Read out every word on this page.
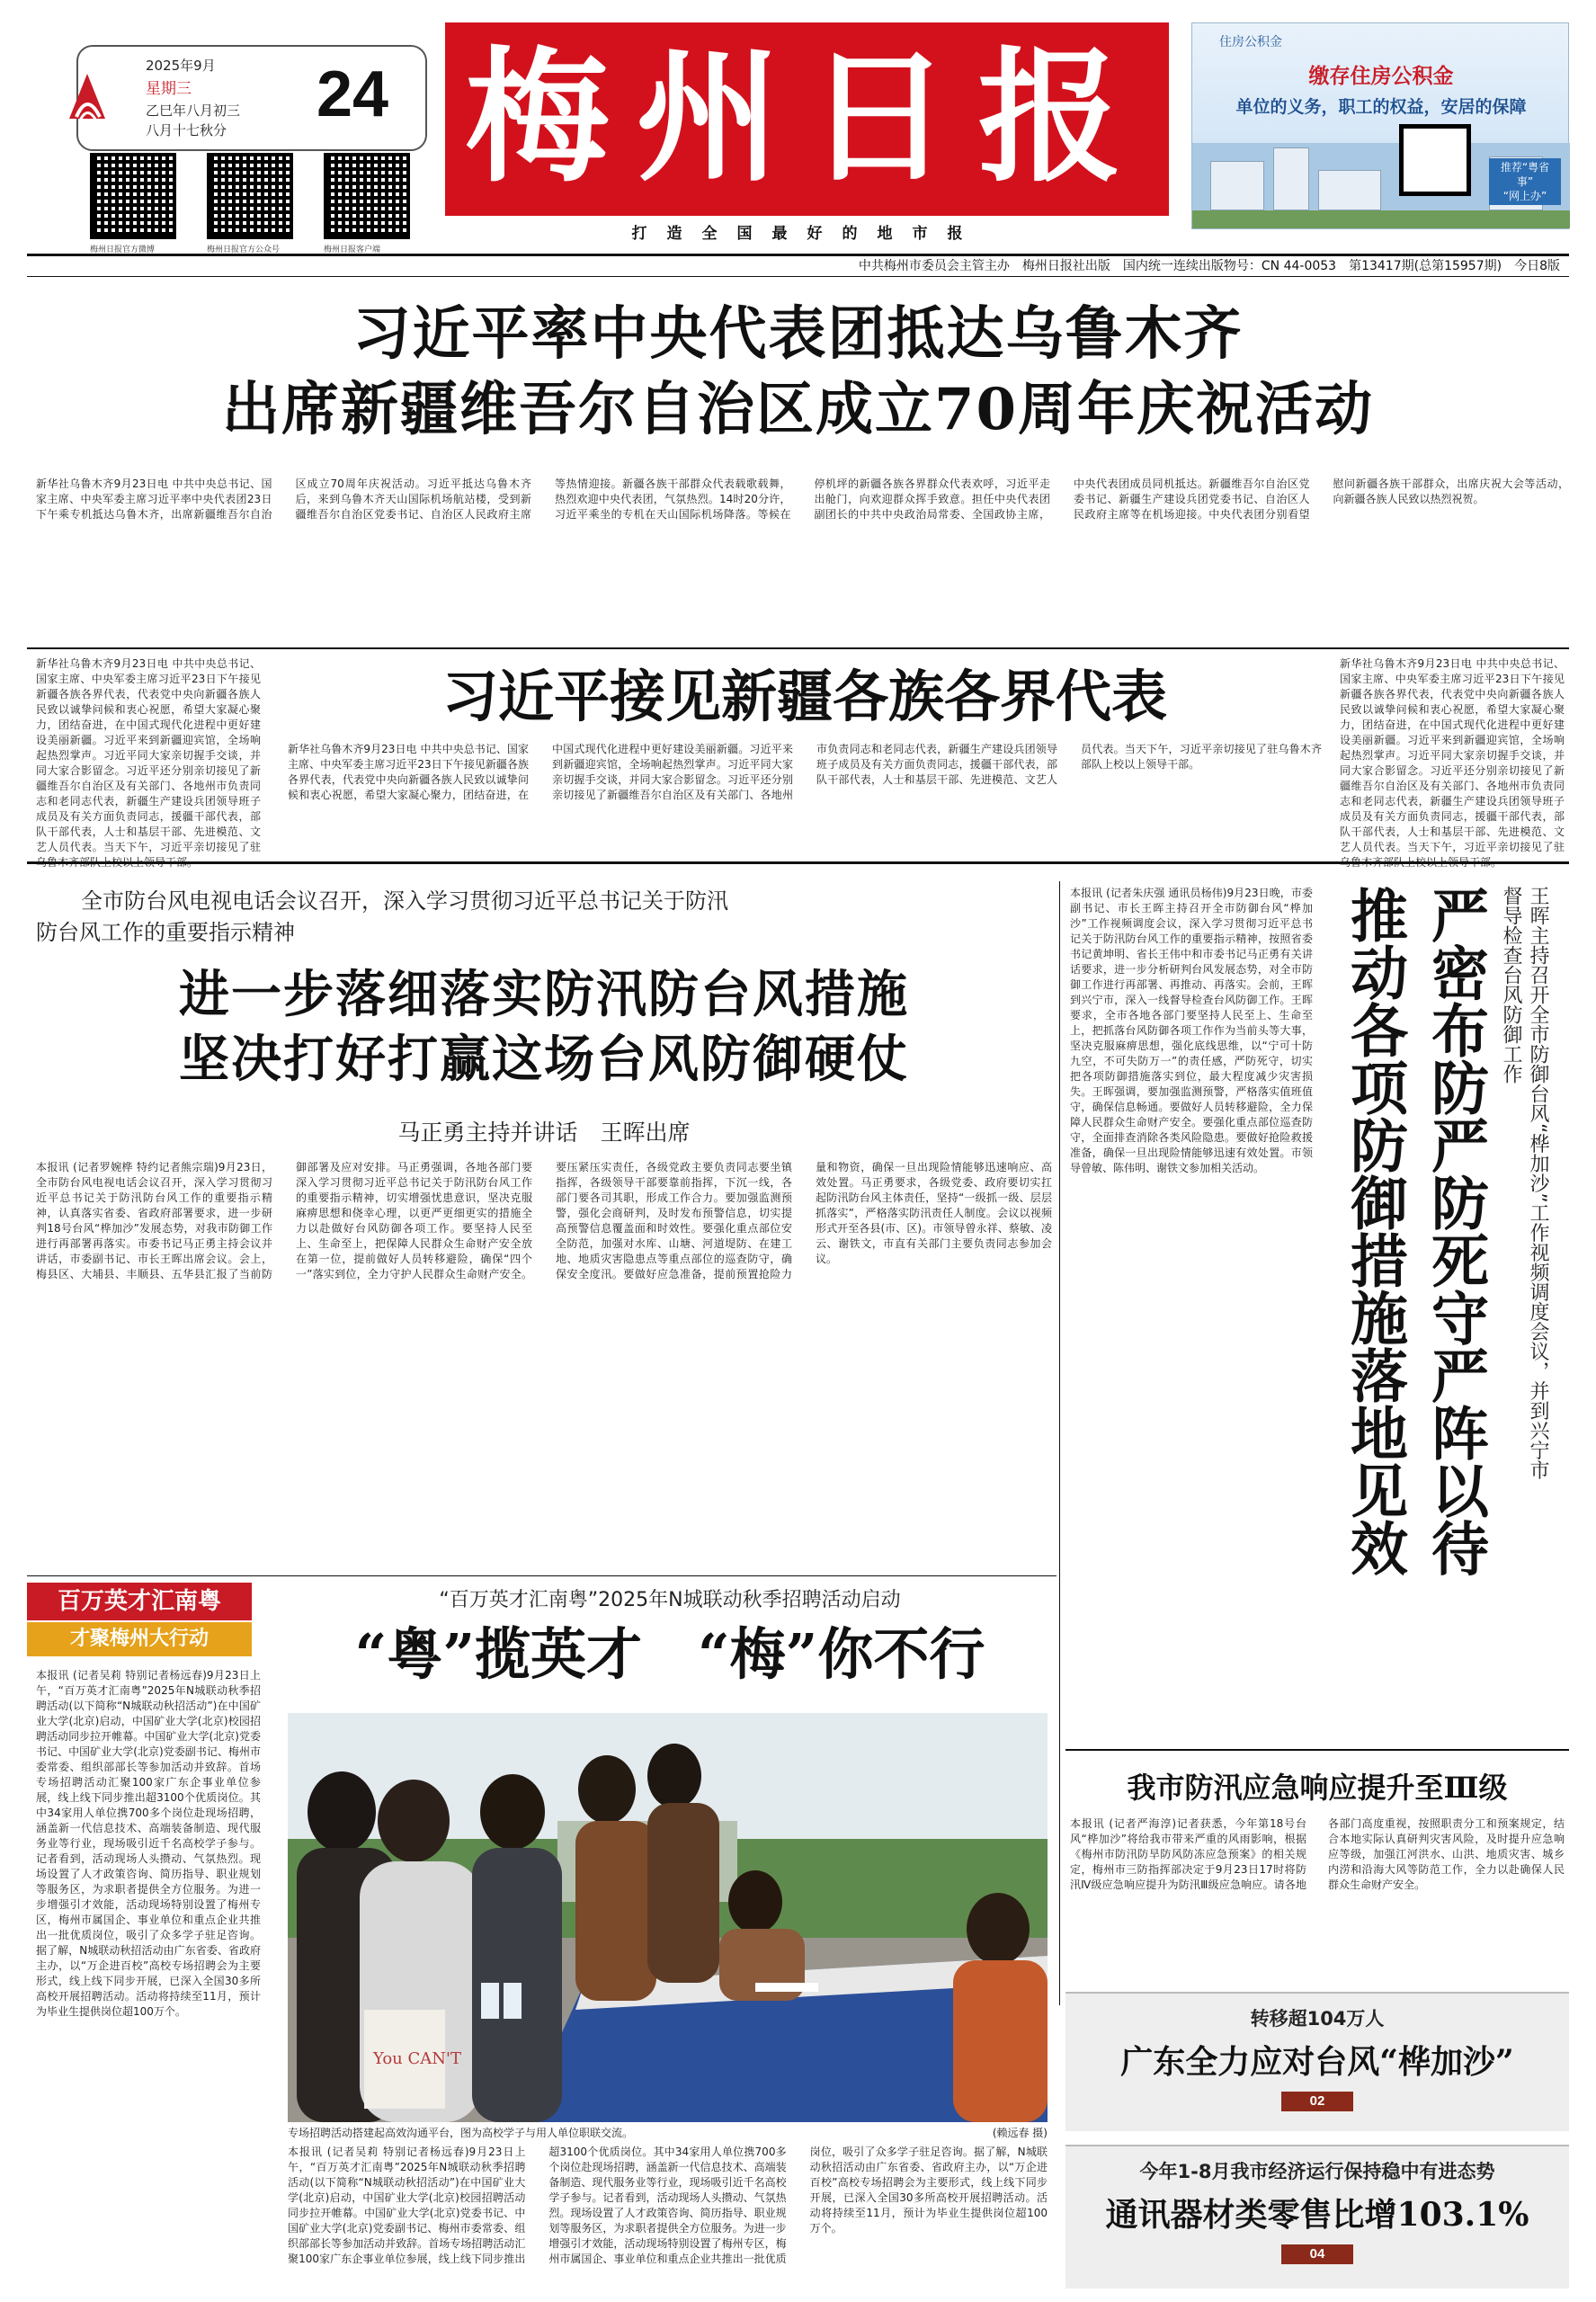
2025年9月
星期三
乙巳年八月初三
八月十七秋分 24
梅州日报官方微博	梅州日报官方公众号	梅州日报客户端
梅州日报
打造全国最好的地市报
住房公积金
缴存住房公积金
单位的义务，职工的权益，安居的保障
推荐“粤省事”
“网上办”
中共梅州市委员会主管主办　梅州日报社出版　国内统一连续出版物号：CN 44-0053　第13417期(总第15957期)　今日8版
习近平率中央代表团抵达乌鲁木齐
出席新疆维吾尔自治区成立70周年庆祝活动
新华社乌鲁木齐9月23日电 中共中央总书记、国家主席、中央军委主席习近平率中央代表团23日下午乘专机抵达乌鲁木齐，出席新疆维吾尔自治区成立70周年庆祝活动。习近平抵达乌鲁木齐后，来到乌鲁木齐天山国际机场航站楼，受到新疆维吾尔自治区党委书记、自治区人民政府主席等热情迎接。新疆各族干部群众代表载歌载舞，热烈欢迎中央代表团，气氛热烈。14时20分许，习近平乘坐的专机在天山国际机场降落。等候在停机坪的新疆各族各界群众代表欢呼，习近平走出舱门，向欢迎群众挥手致意。担任中央代表团副团长的中共中央政治局常委、全国政协主席，中央代表团成员同机抵达。新疆维吾尔自治区党委书记、新疆生产建设兵团党委书记、自治区人民政府主席等在机场迎接。中央代表团分别看望慰问新疆各族干部群众，出席庆祝大会等活动，向新疆各族人民致以热烈祝贺。
习近平接见新疆各族各界代表
新华社乌鲁木齐9月23日电 中共中央总书记、国家主席、中央军委主席习近平23日下午接见新疆各族各界代表，代表党中央向新疆各族人民致以诚挚问候和衷心祝愿，希望大家凝心聚力，团结奋进，在中国式现代化进程中更好建设美丽新疆。习近平来到新疆迎宾馆，全场响起热烈掌声。习近平同大家亲切握手交谈，并同大家合影留念。习近平还分别亲切接见了新疆维吾尔自治区及有关部门、各地州市负责同志和老同志代表，新疆生产建设兵团领导班子成员及有关方面负责同志，援疆干部代表，部队干部代表，人士和基层干部、先进模范、文艺人员代表。当天下午，习近平亲切接见了驻
新华社乌鲁木齐9月23日电 中共中央总书记、国家主席、中央军委主席习近平23日下午接见新疆各族各界代表，代表党中央向新疆各族人民致以诚挚问候和衷心祝愿，希望大家凝心聚力，团结奋进，在中国式现代化进程中更好建设美丽新疆。习近平来到新疆迎宾馆，全场响起热烈掌声。习近平同大家亲切握手交谈，并同大家合影留念。习近平还分别亲切接见了新疆维吾尔自治区及有关部门、各地州市负责同志和老同志代表，新疆生产建设兵团领导班子成员及有关方面负责同志，援疆干部代表，部队干部代表，人士和基层干部、先进模范、文艺人员代表。当天下午，习近平亲切接见了驻乌鲁木齐部队上校以上领导干部。
新华社乌鲁木齐9月23日电 中共中央总书记、国家主席、中央军委主席习近平23日下午接见新疆各族各界代表，代表党中央向新疆各族人民致以诚挚问候和衷心祝愿，希望大家凝心聚力，团结奋进，在中国式现代化进程中更好建设美丽新疆。习近平来到新疆迎宾馆，全场响起热烈掌声。习近平同大家亲切握手交谈，并同大家合影留念。习近平还分别亲切接见了新疆维吾尔自治区及有关部门、各地州市负责同志和老同志代表，新疆生产建设兵团领导班子成员及有关方面负责同志，援疆干部代表，部队干部代表，人士和基层干部、先进模范、文艺人员代表。当天下午，习近平亲切接见了驻
全市防台风电视电话会议召开，深入学习贯彻习近平总书记关于防汛
防台风工作的重要指示精神
进一步落细落实防汛防台风措施
坚决打好打赢这场台风防御硬仗
马正勇主持并讲话　王晖出席
本报讯 (记者罗婉桦 特约记者熊宗瑞)9月23日，全市防台风电视电话会议召开，深入学习贯彻习近平总书记关于防汛防台风工作的重要指示精神，认真落实省委、省政府部署要求，进一步研判18号台风“桦加沙”发展态势，对我市防御工作进行再部署再落实。市委书记马正勇主持会议并讲话，市委副书记、市长王晖出席会议。会上，梅县区、大埔县、丰顺县、五华县汇报了当前防御部署及应对安排。马正勇强调，各地各部门要深入学习贯彻习近平总书记关于防汛防台风工作的重要指示精神，切实增强忧患意识，坚决克服麻痹思想和侥幸心理，以更严更细更实的措施全力以赴做好台风防御各项工作。要坚持人民至上、生命至上，把保障人民群众生命财产安全放在第一位，提前做好人员转移避险，确保“四个一”落实到位，全力守护人民群众生命财产安全。要压紧压实责任，各级党政主要负责同志要坐镇指挥，各级领导干部要靠前指挥，下沉一线，各部门要各司其职，形成工作合力。要加强监测预警，强化会商研判，及时发布预警信息，切实提高预警信息覆盖面和时效性。要强化重点部位安全防范，加强对水库、山塘、河道堤防、在建工地、地质灾害隐患点等重点部位的巡查防守，确保安全度汛。要做好应急准备，提前预置抢险力量和物资，确保一旦出现险情能够迅速响应、高效处置。马正勇要求，各级党委、政府要切实扛起防汛防台风主体责任，坚持“一级抓一级、层层抓落实”，严格落实防汛责任人制度。会议以视频形式开至各县(市、区)。市领导曾永祥、蔡敏、凌云、谢铁文，市直有关部门主要负责同志参加会议。
本报讯 (记者朱庆强 通讯员杨伟)9月23日晚，市委副书记、市长王晖主持召开全市防御台风“桦加沙”工作视频调度会议，深入学习贯彻习近平总书记关于防汛防台风工作的重要指示精神，按照省委书记黄坤明、省长王伟中和市委书记马正勇有关讲话要求，进一步分析研判台风发展态势，对全市防御工作进行再部署、再推动、再落实。会前，王晖到兴宁市，深入一线督导检查台风防御工作。王晖要求，全市各地各部门要坚持人民至上、生命至上，把抓落台风防御各项工作作为当前头等大事，坚决克服麻痹思想，强化底线思维，以“宁可十防九空，不可失防万一”的责任感，严防死守，切实把各项防御措施落实到位，最大程度减少灾害损失。王晖强调，要加强监测预警，严格落实值班值守，确保信息畅通。要做好人员转移避险，全力保障人民群众生命财产安全。要强化重点部位巡查防守，全面排查消除各类风险隐患。要做好抢险救援准备，确保一旦出现险情能够迅速有效处置。市领导曾敏、陈伟明、谢铁文参加相关活动。	严密布防严防死守严阵以待
推动各项防御措施落地见效	王晖主持召开全市防御台风“桦加沙”工作视频调度会议，并到兴宁市
督导检查台风防御工作
百万英才汇南粤
才聚梅州大行动
“百万英才汇南粤”2025年N城联动秋季招聘活动启动
“粤”揽英才　“梅”你不行
本报讯 (记者吴莉 特别记者杨远春)9月23日上午，“百万英才汇南粤”2025年N城联动秋季招聘活动(以下简称“N城联动秋招活动”)在中国矿业大学(北京)启动，中国矿业大学(北京)校园招聘活动同步拉开帷幕。中国矿业大学(北京)党委书记、中国矿业大学(北京)党委副书记、梅州市委常委、组织部部长等参加活动并致辞。首场专场招聘活动汇聚100家广东企事业单位参展，线上线下同步推出超3100个优质岗位。其中34家用人单位携700多个岗位赴现场招聘，涵盖新一代信息技术、高端装备制造、现代服务业等行业，现场吸引近千名高校学子参与。记者看到，活动现场人头攒动、气氛热烈。现场设置了人才政策咨询、简历指导、职业规划等服务区，为求职者提供全方位服务。为进一步增强引才效能，活动现场特别设置了梅州专区，梅州市属国企、事业单位和重点企业共推出一批优质岗位，吸引了众多学子驻足咨询。据了解，N城联动秋招活动由广东省委、省政府主办，以“万企进百校”高校专场招聘会为主要形式，线上线下同步开展，已深入全国30多所高校开展招聘活动。活动将持续至11月，预计为毕业生提供岗位超100万个。
You CAN'T
专场招聘活动搭建起高效沟通平台，图为高校学子与用人单位职联交流。	(赖远春 摄)
本报讯 (记者吴莉 特别记者杨远春)9月23日上午，“百万英才汇南粤”2025年N城联动秋季招聘活动(以下简称“N城联动秋招活动”)在中国矿业大学(北京)启动，中国矿业大学(北京)校园招聘活动同步拉开帷幕。中国矿业大学(北京)党委书记、中国矿业大学(北京)党委副书记、梅州市委常委、组织部部长等参加活动并致辞。首场专场招聘活动汇聚100家广东企事业单位参展，线上线下同步推出超3100个优质岗位。其中34家用人单位携700多个岗位赴现场招聘，涵盖新一代信息技术、高端装备制造、现代服务业等行业，现场吸引近千名高校学子参与。记者看到，活动现场人头攒动、气氛热烈。现场设置了人才政策咨询、简历指导、职业规划等服务区，为求职者提供全方位服务。为进一步增强引才效能，活动现场特别设置了梅州专区，梅州市属国企、事业单位和重点企业共推出一批优质岗位，吸引了众多学子驻足咨询。据了解，N城联动秋招活动由广东省委、省政府主办，以“万企进百校”高校专场招聘会为主要形式，线上线下同步开展，已深入全国30多所高校开展招聘活动。活动将持续至11月，预计为毕业生提供岗位超100万个。
我市防汛应急响应提升至Ⅲ级
本报讯 (记者严海淳)记者获悉，今年第18号台风“桦加沙”将给我市带来严重的风雨影响，根据《梅州市防汛防旱防风防冻应急预案》的相关规定，梅州市三防指挥部决定于9月23日17时将防汛Ⅳ级应急响应提升为防汛Ⅲ级应急响应。请各地各部门高度重视，按照职责分工和预案规定，结合本地实际认真研判灾害风险，及时提升应急响应等级，加强江河洪水、山洪、地质灾害、城乡内涝和沿海大风等防范工作，全力以赴确保人民群众生命财产安全。
转移超104万人
广东全力应对台风“桦加沙”
02
今年1-8月我市经济运行保持稳中有进态势
通讯器材类零售比增103.1%
04
